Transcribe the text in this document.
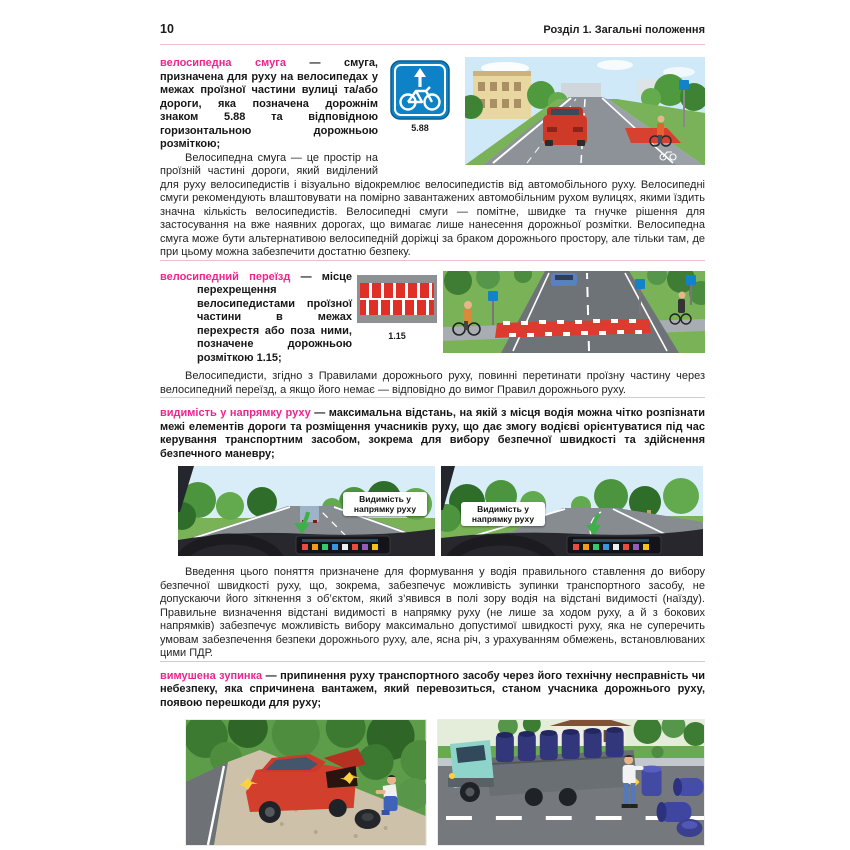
10	Розділ 1. Загальні положення
5.88

велосипедна смуга — смуга, призначена для руху на велосипедах у межах проїзної частини вулиці та/або дороги, яка позначена дорожнім знаком 5.88 та відповідною горизонтальною дорожньою розміткою;

Велосипедна смуга — це простір на проїзній частині дороги, який виділений для руху велосипедистів і візуально відокремлює велосипедистів від автомобільного руху. Велосипедні смуги рекомендують влаштовувати на помірно завантажених автомобільним рухом вулицях, якими їздить значна кількість велосипедистів. Велосипедні смуги — помітне, швидке та гнучке рішення для застосування на вже наявних дорогах, що вимагає лише нанесення дорожньої розмітки. Велосипедна смуга може бути альтернативою велосипедній доріжці за браком дорожнього простору, але тільки там, де при цьому можна забезпечити достатню безпеку.

1.15

велосипедний переїзд — місце перехрещення велосипедистами проїзної частини в межах перехрестя або поза ними, позначене дорожньою розміткою 1.15;

Велосипедисти, згідно з Правилами дорожнього руху, повинні перетинати проїзну частину через велосипедний переїзд, а якщо його немає — відповідно до вимог Правил дорожнього руху.

видимість у напрямку руху — максимальна відстань, на якій з місця водія можна чітко розпізнати межі елементів дороги та розміщення учасників руху, що дає змогу водієві орієнтуватися під час керування транспортним засобом, зокрема для вибору безпечної швидкості та здійснення безпечного маневру;

Видимість у напрямку руху	Видимість у напрямку руху

Введення цього поняття призначене для формування у водія правильного ставлення до вибору безпечної швидкості руху, що, зокрема, забезпечує можливість зупинки транспортного засобу, не допускаючи його зіткнення з об’єктом, який з’явився в полі зору водія на відстані видимості (наїзду). Правильне визначення відстані видимості в напрямку руху (не лише за ходом руху, а й з бокових напрямків) забезпечує можливість вибору максимально допустимої швидкості руху, яка не суперечить умовам забезпечення безпеки дорожнього руху, але, ясна річ, з урахуванням обмежень, встановлюваних цими ПДР.

вимушена зупинка — припинення руху транспортного засобу через його технічну несправність чи небезпеку, яка спричинена вантажем, який перевозиться, станом учасника дорожнього руху, появою перешкоди для руху;
